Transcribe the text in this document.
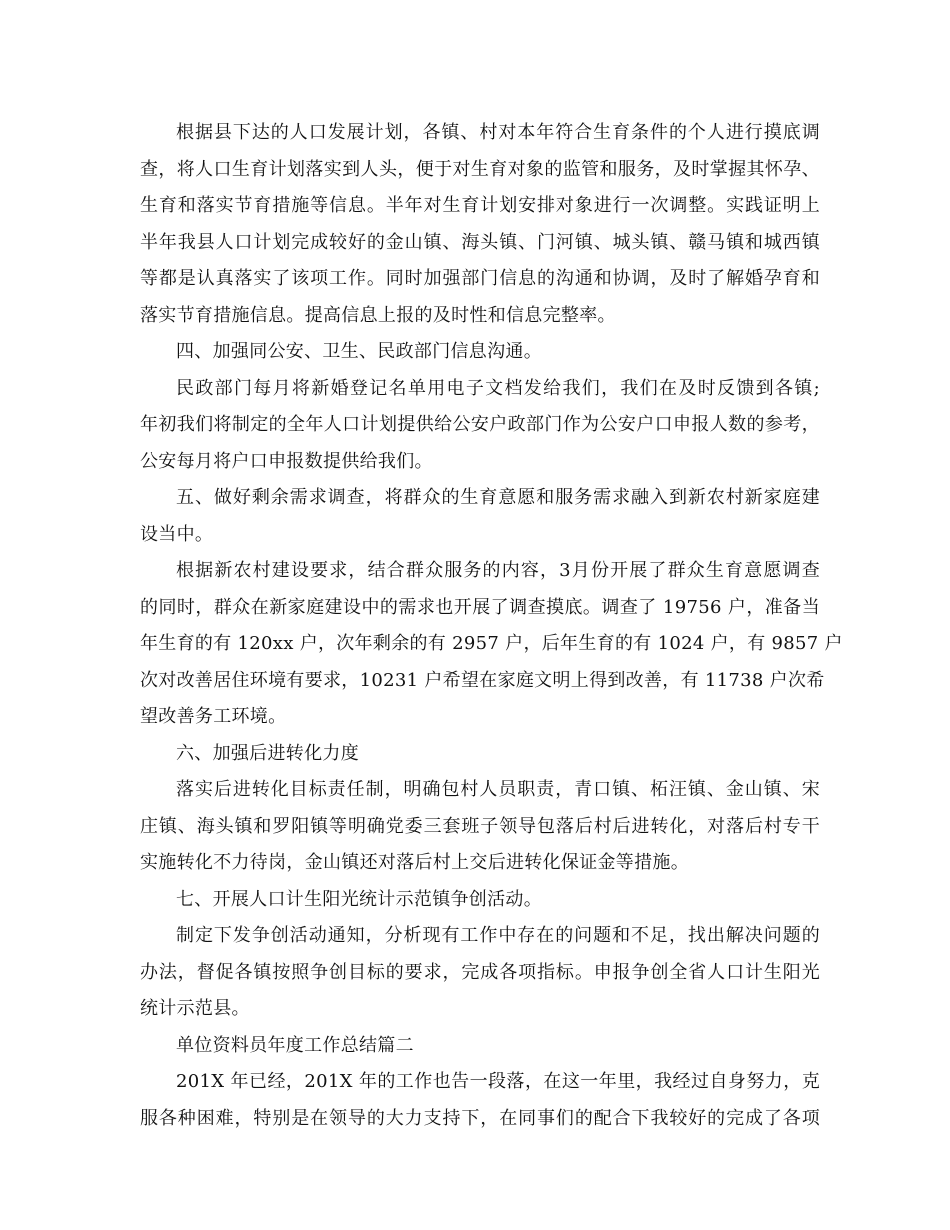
根据县下达的人口发展计划，各镇、村对本年符合生育条件的个人进行摸底调
查，将人口生育计划落实到人头，便于对生育对象的监管和服务，及时掌握其怀孕、
生育和落实节育措施等信息。半年对生育计划安排对象进行一次调整。实践证明上
半年我县人口计划完成较好的金山镇、海头镇、门河镇、城头镇、赣马镇和城西镇
等都是认真落实了该项工作。同时加强部门信息的沟通和协调，及时了解婚孕育和
落实节育措施信息。提高信息上报的及时性和信息完整率。

四、加强同公安、卫生、民政部门信息沟通。

民政部门每月将新婚登记名单用电子文档发给我们，我们在及时反馈到各镇;
年初我们将制定的全年人口计划提供给公安户政部门作为公安户口申报人数的参考，
公安每月将户口申报数提供给我们。

五、做好剩余需求调查，将群众的生育意愿和服务需求融入到新农村新家庭建
设当中。

根据新农村建设要求，结合群众服务的内容，3月份开展了群众生育意愿调查
的同时，群众在新家庭建设中的需求也开展了调查摸底。调查了 19756 户，准备当
年生育的有 120xx 户，次年剩余的有 2957 户，后年生育的有 1024 户，有 9857 户
次对改善居住环境有要求，10231 户希望在家庭文明上得到改善，有 11738 户次希
望改善务工环境。

六、加强后进转化力度

落实后进转化目标责任制，明确包村人员职责，青口镇、柘汪镇、金山镇、宋
庄镇、海头镇和罗阳镇等明确党委三套班子领导包落后村后进转化，对落后村专干
实施转化不力待岗，金山镇还对落后村上交后进转化保证金等措施。

七、开展人口计生阳光统计示范镇争创活动。

制定下发争创活动通知，分析现有工作中存在的问题和不足，找出解决问题的
办法，督促各镇按照争创目标的要求，完成各项指标。申报争创全省人口计生阳光
统计示范县。

单位资料员年度工作总结篇二

201X 年已经，201X 年的工作也告一段落，在这一年里，我经过自身努力，克
服各种困难，特别是在领导的大力支持下，在同事们的配合下我较好的完成了各项
